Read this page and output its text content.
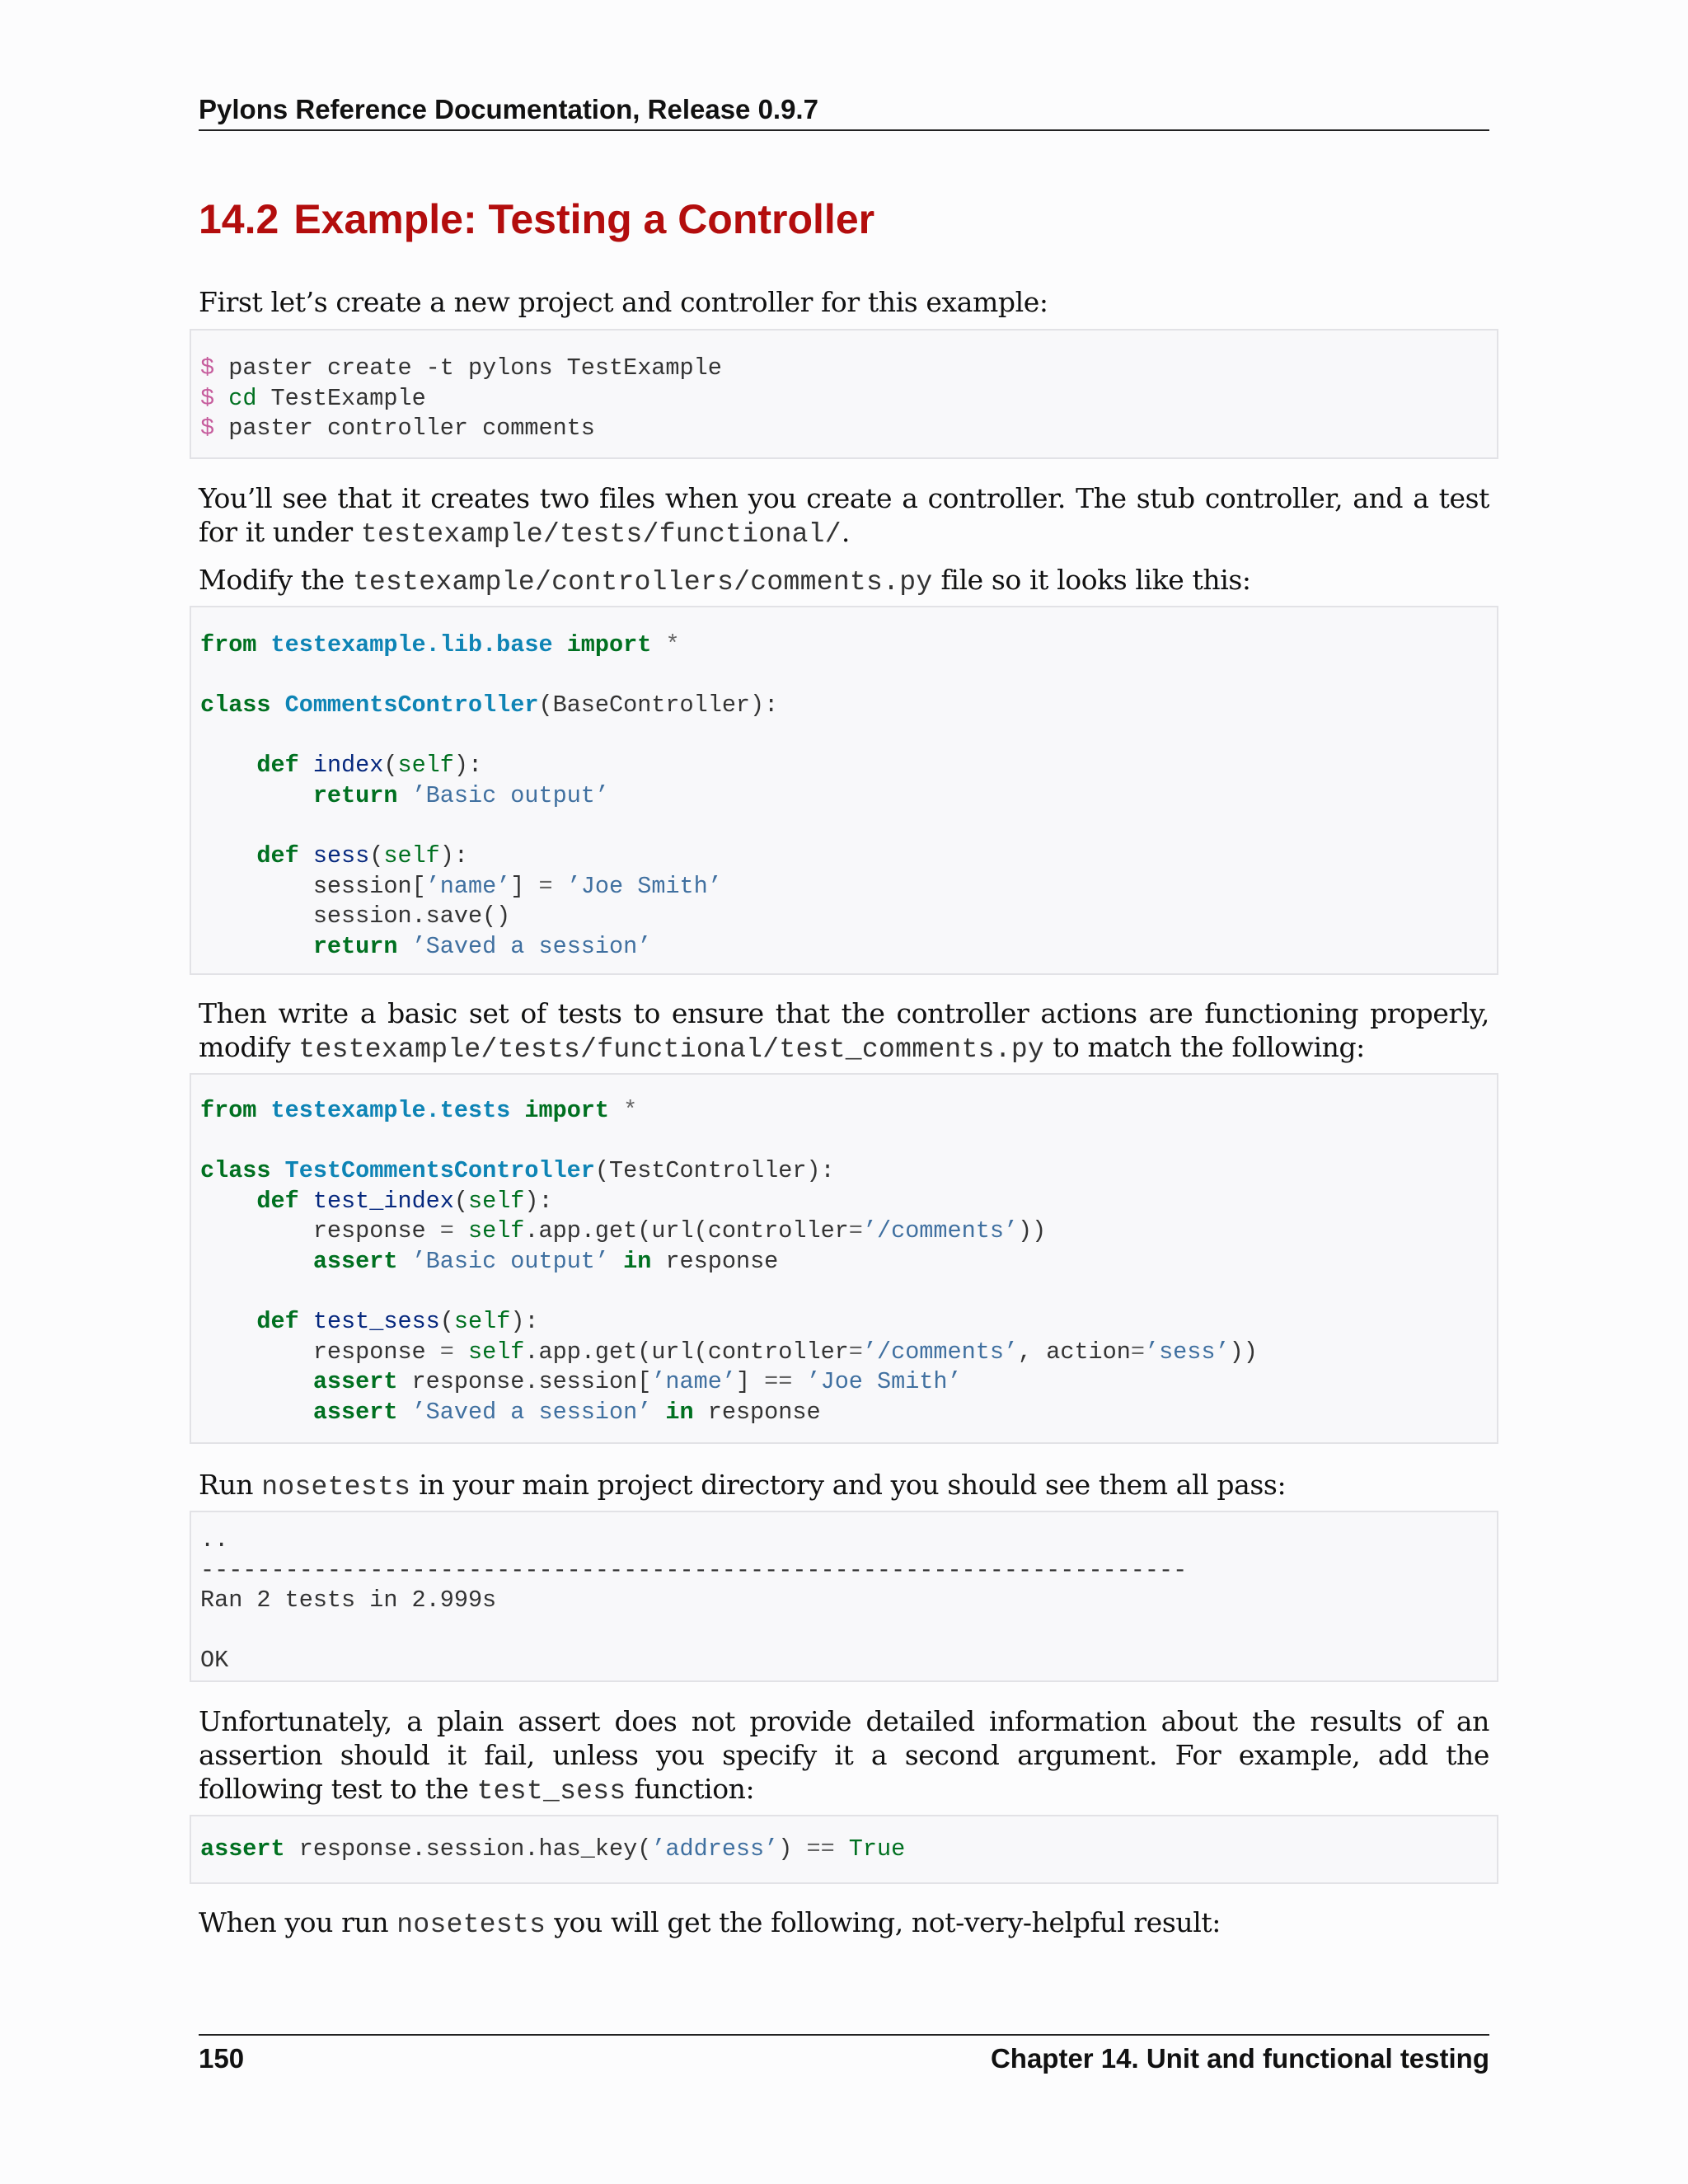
Pylons Reference Documentation, Release 0.9.7
14.2 Example: Testing a Controller

First let’s create a new project and controller for this example:

$ paster create -t pylons TestExample
$ cd TestExample
$ paster controller comments

You’ll see that it creates two files when you create a controller. The stub controller, and a test for it under testexample/tests/functional/.

Modify the testexample/controllers/comments.py file so it looks like this:

from testexample.lib.base import *

class CommentsController(BaseController):

def index(self):
return ’Basic output’

def sess(self):
session[’name’] = ’Joe Smith’
session.save()
return ’Saved a session’

Then write a basic set of tests to ensure that the controller actions are functioning properly, modify testexample/tests/functional/test_comments.py to match the following:

from testexample.tests import *

class TestCommentsController(TestController):
def test_index(self):
response = self.app.get(url(controller=’/comments’))
assert ’Basic output’ in response

def test_sess(self):
response = self.app.get(url(controller=’/comments’, action=’sess’))
assert response.session[’name’] == ’Joe Smith’
assert ’Saved a session’ in response

Run nosetests in your main project directory and you should see them all pass:

..
----------------------------------------------------------------------
Ran 2 tests in 2.999s

OK

Unfortunately, a plain assert does not provide detailed information about the results of an assertion should it fail, unless you specify it a second argument. For example, add the following test to the test_sess function:

assert response.session.has_key(’address’) == True

When you run nosetests you will get the following, not-very-helpful result:

150	Chapter 14. Unit and functional testing
